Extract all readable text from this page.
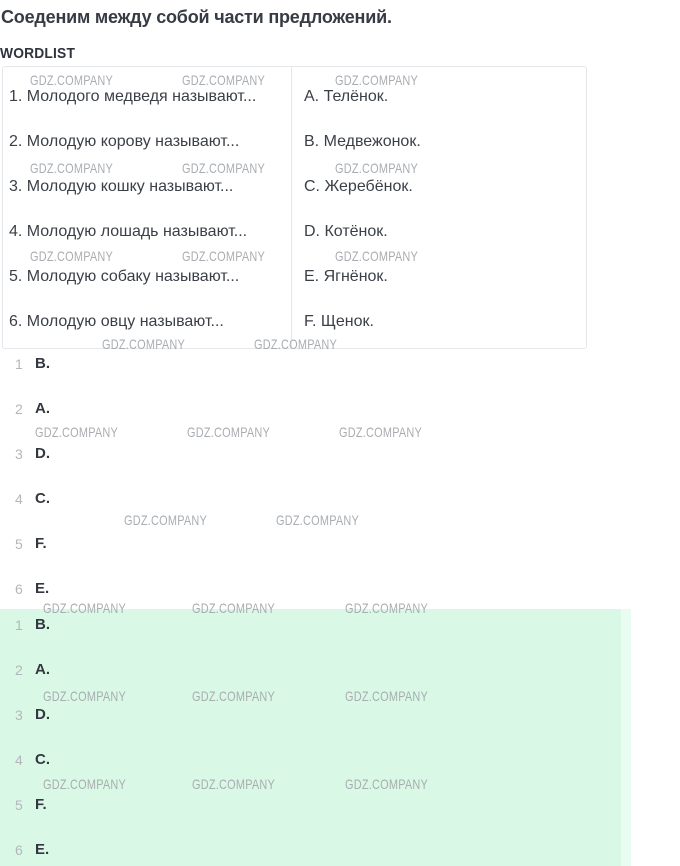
Соеденим между собой части предложений.
WORDLIST
1. Молодого медведя называют...	A. Телёнок.
2. Молодую корову называют...	B. Медвежонок.
3. Молодую кошку называют...	C. Жеребёнок.
4. Молодую лошадь называют...	D. Котёнок.
5. Молодую собаку называют...	E. Ягнёнок.
6. Молодую овцу называют...	F. Щенок.
1 B.
2 A.
3 D.
4 C.
5 F.
6 E.
1 B.
2 A.
3 D.
4 C.
5 F.
6 E.
GDZ.COMPANY	GDZ.COMPANY	GDZ.COMPANY
GDZ.COMPANY	GDZ.COMPANY	GDZ.COMPANY
GDZ.COMPANY	GDZ.COMPANY	GDZ.COMPANY
GDZ.COMPANY	GDZ.COMPANY
GDZ.COMPANY	GDZ.COMPANY	GDZ.COMPANY
GDZ.COMPANY	GDZ.COMPANY
GDZ.COMPANY	GDZ.COMPANY	GDZ.COMPANY
GDZ.COMPANY	GDZ.COMPANY	GDZ.COMPANY
GDZ.COMPANY	GDZ.COMPANY	GDZ.COMPANY
